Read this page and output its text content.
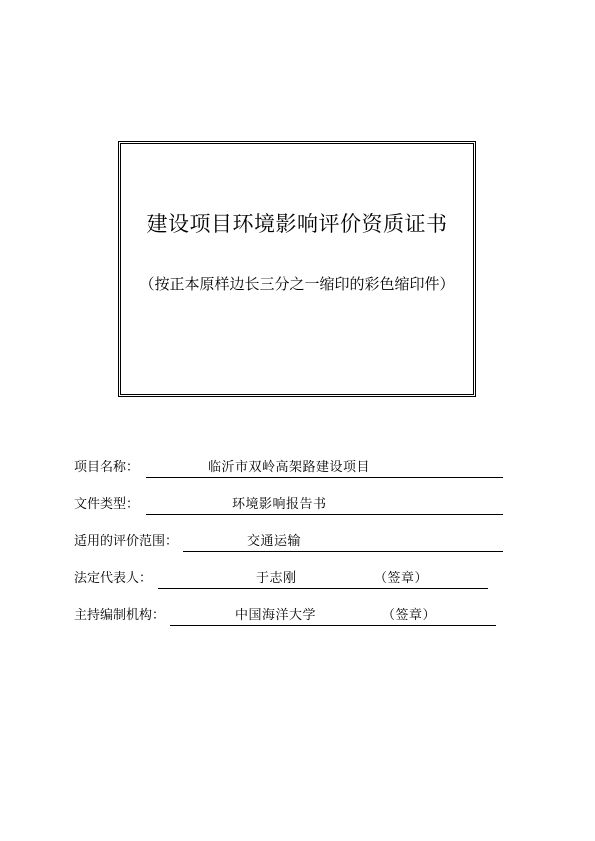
建设项目环境影响评价资质证书
（按正本原样边长三分之一缩印的彩色缩印件）
项目名称：	临沂市双岭高架路建设项目
文件类型：	环境影响报告书
适用的评价范围：	交通运输
法定代表人：	于志刚	（签章）
主持编制机构：	中国海洋大学	（签章）
